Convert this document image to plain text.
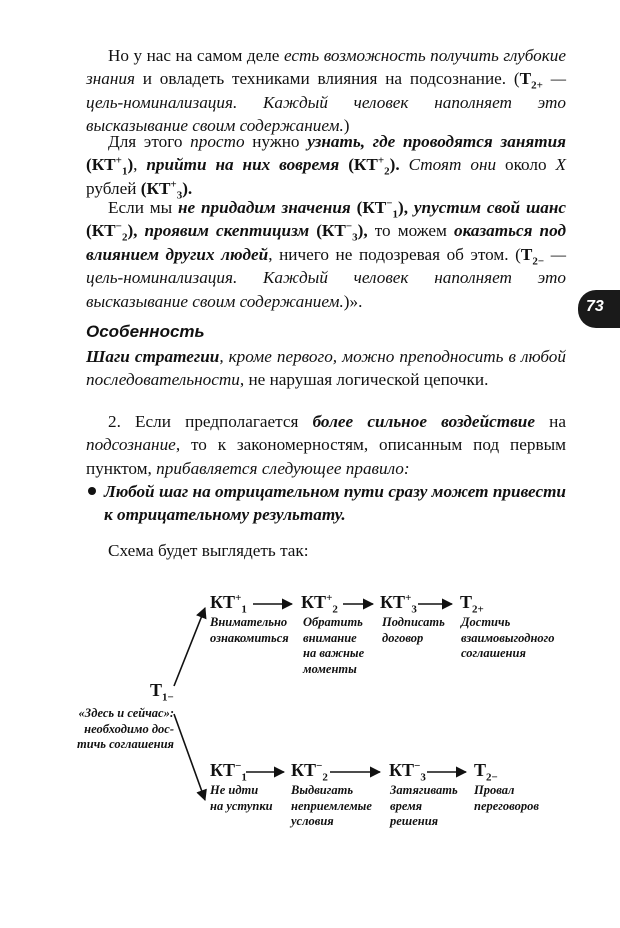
Но у нас на самом деле есть возможность получить глубокие знания и овладеть техниками влияния на подсознание. ($T_{2+}$ — цель-номинализация. Каждый человек наполняет это высказывание своим содержанием.)

Для этого просто нужно узнать, где проводятся занятия $(КТ^+_1)$, прийти на них вовремя $(КТ^+_2)$. Стоят они около X рублей $(КТ^+_3)$.

Если мы не придадим значения $(КТ^-_1)$, упустим свой шанс $(КТ^-_2)$, проявим скептицизм $(КТ^-_3)$, то можем оказаться под влиянием других людей, ничего не подозревая об этом. ($T_{2-}$ — цель-номинализация. Каждый человек наполняет это высказывание своим содержанием.)».	73
Особенность

Шаги стратегии, кроме первого, можно преподносить в любой последовательности, не нарушая логической цепочки.

2. Если предполагается более сильное воздействие на подсознание, то к закономерностям, описанным под первым пунктом, прибавляется следующее правило:

Любой шаг на отрицательном пути сразу может привести к отрицательному результату.

Схема будет выглядеть так:

$T_{1-}$
«Здесь и сейчас»:
необходимо дос-
тичь соглашения
$КТ^+_1$
Внимательно
ознакомиться
$КТ^+_2$
Обратить
внимание
на важные
моменты
$КТ^+_3$
Подписать
договор
$T_{2+}$
Достичь
взаимовыгодного
соглашения
$КТ^-_1$
Не идти
на уступки
$КТ^-_2$
Выдвигать
неприемлемые
условия
$КТ^-_3$
Затягивать
время
решения
$T_{2-}$
Провал
переговоров
